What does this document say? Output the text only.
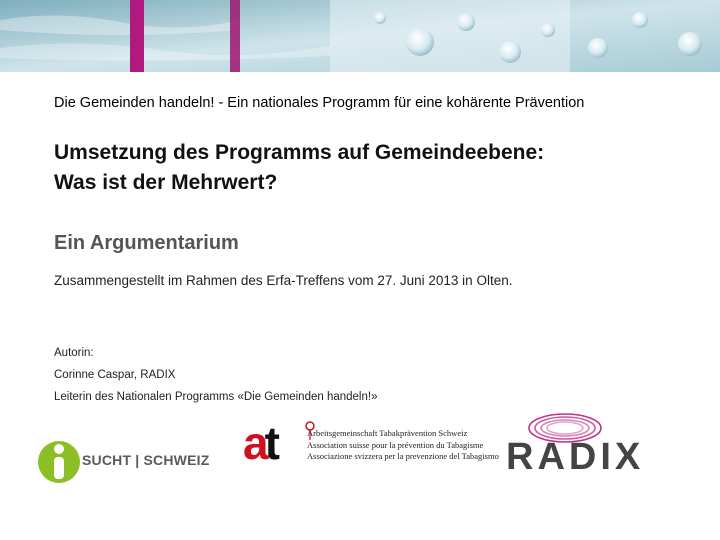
Die Gemeinden handeln! - Ein nationales Programm für eine kohärente Prävention
Umsetzung des Programms auf Gemeindeebene:
Was ist der Mehrwert?
Ein Argumentarium
Zusammengestellt im Rahmen des Erfa-Treffens vom 27. Juni 2013 in Olten.
Autorin:
Corinne Caspar, RADIX
Leiterin des Nationalen Programms «Die Gemeinden handeln!»
SUCHT | SCHWEIZ at	Arbeitsgemeinschaft Tabakprävention Schweiz
Association suisse pour la prévention du Tabagisme
Associazione svizzera per la prevenzione del Tabagismo RADIX
